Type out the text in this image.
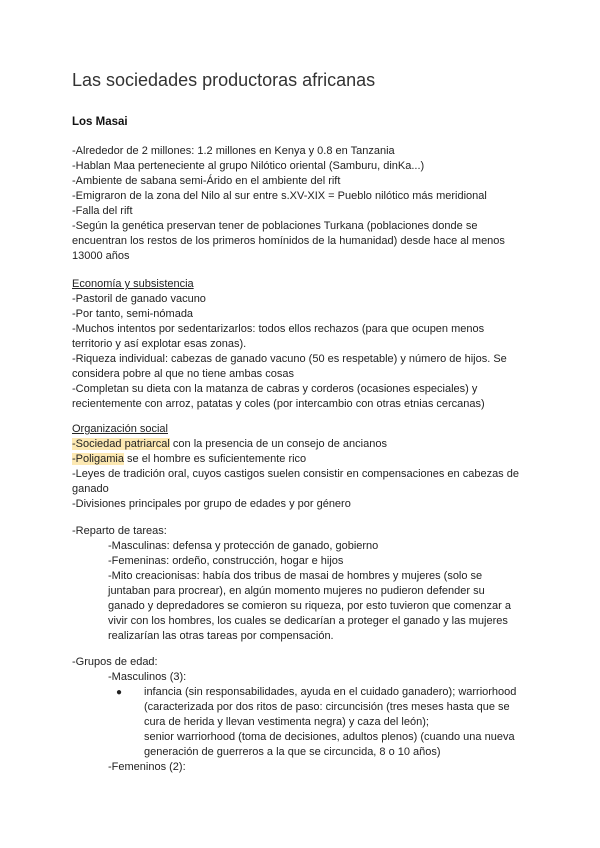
Las sociedades productoras africanas
Los Masai
-Alrededor de 2 millones: 1.2 millones en Kenya y 0.8 en Tanzania
-Hablan Maa perteneciente al grupo Nilótico oriental (Samburu, dinKa...)
-Ambiente de sabana semi-Árido en el ambiente del rift
-Emigraron de la zona del Nilo al sur entre s.XV-XIX = Pueblo nilótico más meridional
-Falla del rift
-Según la genética preservan tener de poblaciones Turkana (poblaciones donde se
encuentran los restos de los primeros homínidos de la humanidad) desde hace al menos
13000 años
Economía y subsistencia
-Pastoril de ganado vacuno
-Por tanto, semi-nómada
-Muchos intentos por sedentarizarlos: todos ellos rechazos (para que ocupen menos
territorio y así explotar esas zonas).
-Riqueza individual: cabezas de ganado vacuno (50 es respetable) y número de hijos. Se
considera pobre al que no tiene ambas cosas
-Completan su dieta con la matanza de cabras y corderos (ocasiones especiales) y
recientemente con arroz, patatas y coles (por intercambio con otras etnias cercanas)
Organización social
-Sociedad patriarcal con la presencia de un consejo de ancianos
-Poligamia se el hombre es suficientemente rico
-Leyes de tradición oral, cuyos castigos suelen consistir en compensaciones en cabezas de
ganado
-Divisiones principales por grupo de edades y por género
-Reparto de tareas:
-Masculinas: defensa y protección de ganado, gobierno
-Femeninas: ordeño, construcción, hogar e hijos
-Mito creacionisas: había dos tribus de masai de hombres y mujeres (solo se
juntaban para procrear), en algún momento mujeres no pudieron defender su
ganado y depredadores se comieron su riqueza, por esto tuvieron que comenzar a
vivir con los hombres, los cuales se dedicarían a proteger el ganado y las mujeres
realizarían las otras tareas por compensación.
-Grupos de edad:
-Masculinos (3):
●	infancia (sin responsabilidades, ayuda en el cuidado ganadero); warriorhood
(caracterizada por dos ritos de paso: circuncisión (tres meses hasta que se
cura de herida y llevan vestimenta negra) y caza del león);
senior warriorhood (toma de decisiones, adultos plenos) (cuando una nueva
generación de guerreros a la que se circuncida, 8 o 10 años)
-Femeninos (2):
